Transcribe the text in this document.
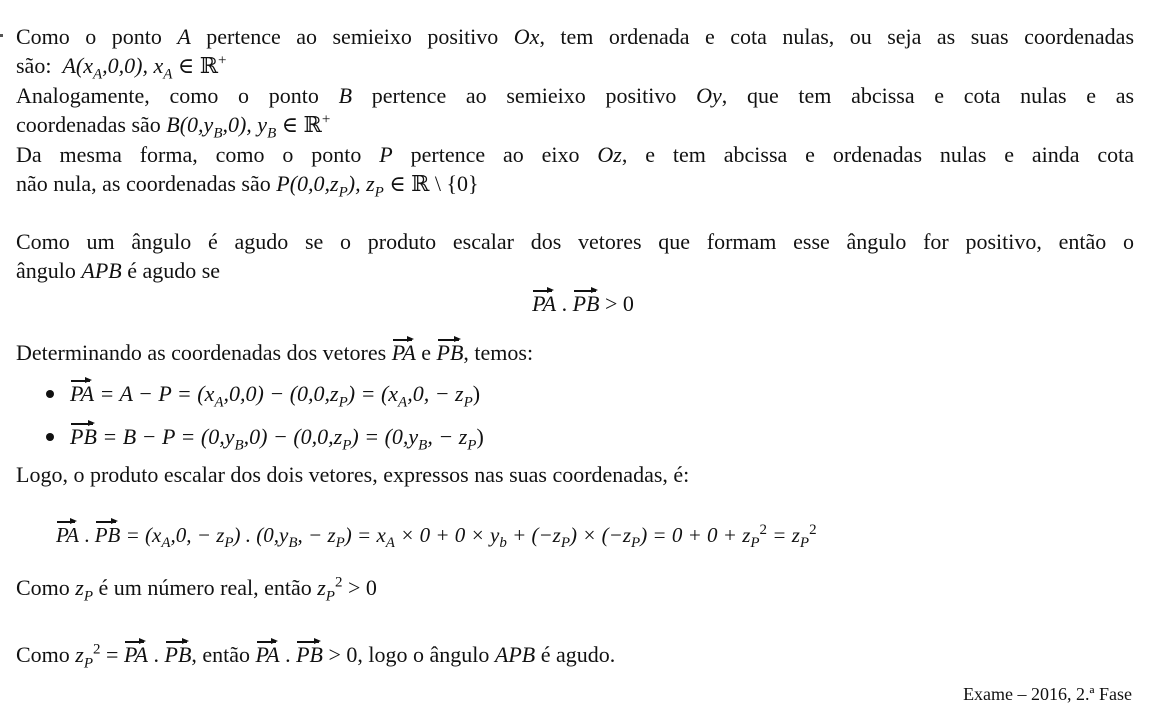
Como o ponto A pertence ao semieixo positivo Ox, tem ordenada e cota nulas, ou seja as suas coordenadas
são: $A(x_A,0,0)$, $x_A$ ∈ ℝ+
Analogamente, como o ponto B pertence ao semieixo positivo Oy, que tem abcissa e cota nulas e as
coordenadas são $B(0,y_B,0)$, $y_B$ ∈ ℝ+
Da mesma forma, como o ponto P pertence ao eixo Oz, e tem abcissa e ordenadas nulas e ainda cota
não nula, as coordenadas são $P(0,0,z_P)$, $z_P$ ∈ ℝ \ {0}
Como um ângulo é agudo se o produto escalar dos vetores que formam esse ângulo for positivo, então o
ângulo APB é agudo se
PA . PB > 0
Determinando as coordenadas dos vetores PA e PB, temos:
PA = $A - P = (x_A,0,0) - (0,0,z_P) = (x_A,0$, − $z_P$)
PB = $B - P = (0,y_B,0) - (0,0,z_P) = (0,y_B$, − $z_P$)
Logo, o produto escalar dos dois vetores, expressos nas suas coordenadas, é:
PA . PB = ($x_A,0$, − $z_P$) . ($0,y_B$, − $z_P) = x_A \times 0 + 0 \times y_b + (-z_P) \times (-z_P) = 0 + 0 + z_P^2 = z_P^2$
Como $z_P$ é um número real, então $z_P^2 > 0$
Como $z_P^2$ = PA . PB, então PA . PB > 0, logo o ângulo APB é agudo.
Exame – 2016, 2.ª Fase
